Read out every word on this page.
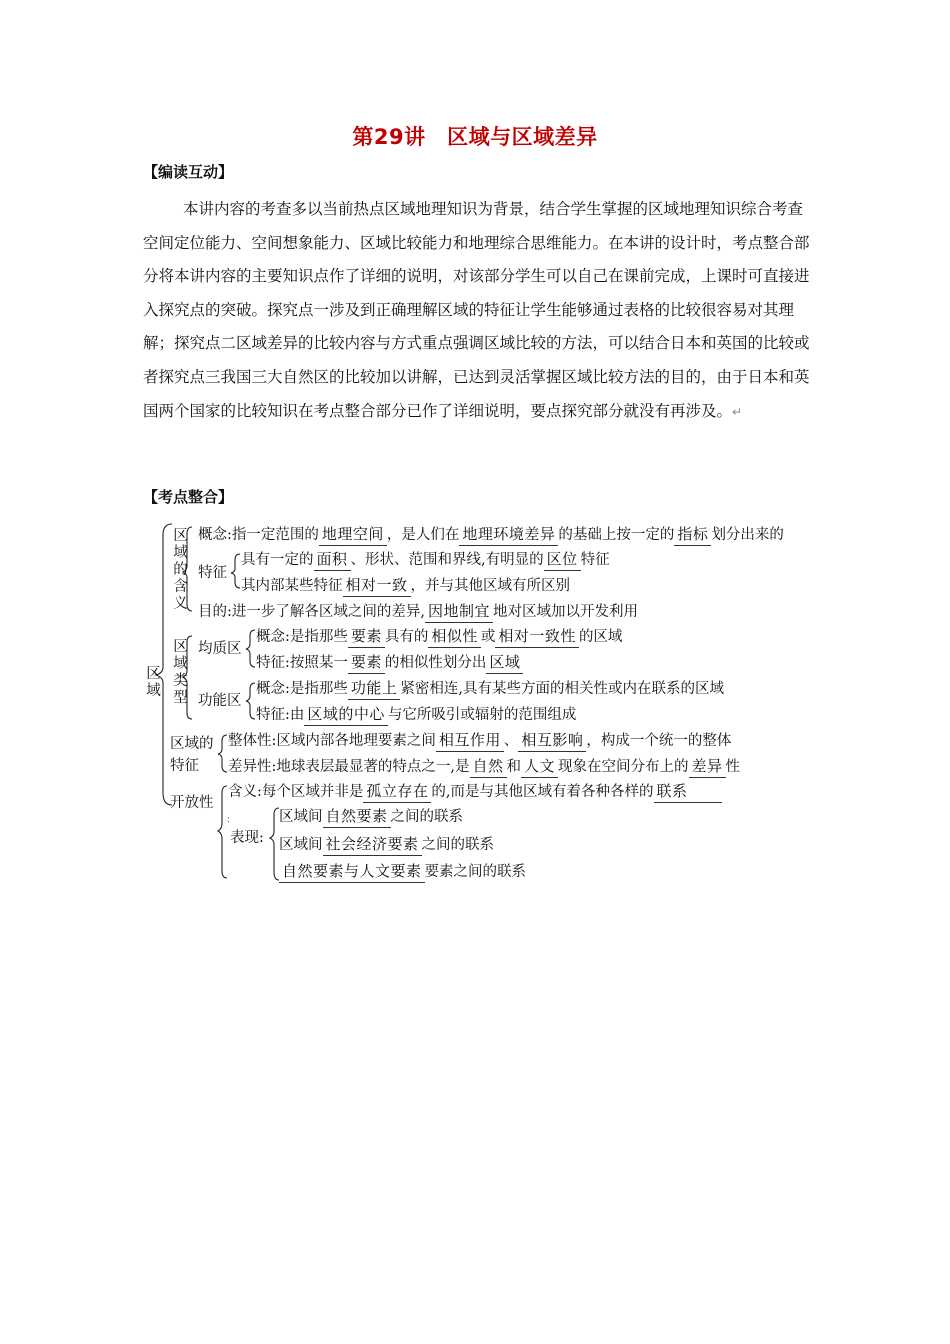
第29讲　区域与区域差异
【编读互动】
本讲内容的考查多以当前热点区域地理知识为背景，结合学生掌握的区域地理知识综合考查空间定位能力、空间想象能力、区域比较能力和地理综合思维能力。在本讲的设计时，考点整合部分将本讲内容的主要知识点作了详细的说明，对该部分学生可以自己在课前完成，上课时可直接进入探究点的突破。探究点一涉及到正确理解区域的特征让学生能够通过表格的比较很容易对其理解；探究点二区域差异的比较内容与方式重点强调区域比较的方法，可以结合日本和英国的比较或者探究点三我国三大自然区的比较加以讲解，已达到灵活掌握区域比较方法的目的，由于日本和英国两个国家的比较知识在考点整合部分已作了详细说明，要点探究部分就没有再涉及。↵
【考点整合】
:
区域
区域的含义
特征
区域类型
均质区
功能区
区域的特征
开放性
表现:
概念:指一定范围的 地理空间 ，是人们在 地理环境差异 的基础上按一定的 指标 划分出来的
具有一定的 面积 、形状、范围和界线,有明显的 区位 特征
其内部某些特征 相对一致 ，并与其他区域有所区别
目的:进一步了解各区域之间的差异, 因地制宜 地对区域加以开发利用
概念:是指那些 要素 具有的 相似性 或 相对一致性 的区域
特征:按照某一 要素 的相似性划分出 区域
概念:是指那些 功能上 紧密相连,具有某些方面的相关性或内在联系的区域
特征:由 区域的中心 与它所吸引或辐射的范围组成
整体性:区域内部各地理要素之间 相互作用 、 相互影响 ，构成一个统一的整体
差异性:地球表层最显著的特点之一,是 自然 和 人文 现象在空间分布上的 差异 性
含义:每个区域并非是 孤立存在 的,而是与其他区域有着各种各样的 联系
区域间 自然要素 之间的联系
区域间 社会经济要素 之间的联系
自然要素与人文要素 要素之间的联系
